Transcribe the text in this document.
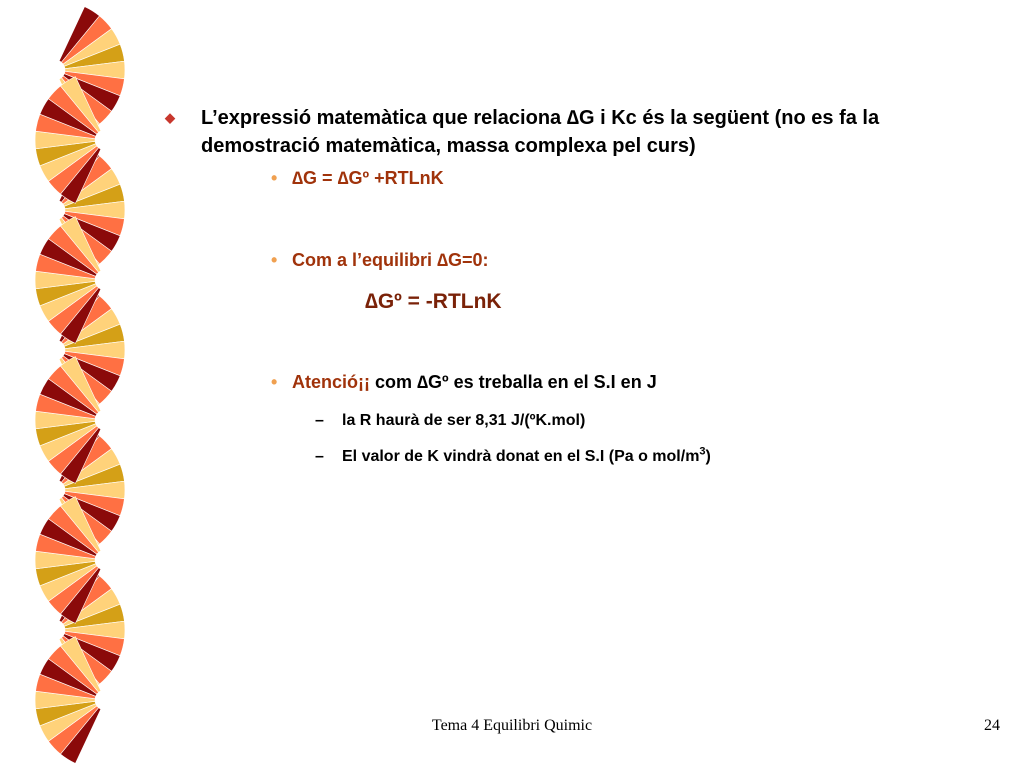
◆ L’expressió matemàtica que relaciona ∆G i Kc és la següent (no es fa la demostració matemàtica, massa complexa pel curs)
• ∆G = ∆Gº +RTLnK
• Com a l’equilibri ∆G=0:
∆Gº = -RTLnK
• Atenció¡¡ com ∆Gº es treballa en el S.I en J
– la R haurà de ser 8,31 J/(ºK.mol)
– El valor de K vindrà donat en el S.I (Pa o mol/$m^3$)
Tema 4 Equilibri Quimic	24
